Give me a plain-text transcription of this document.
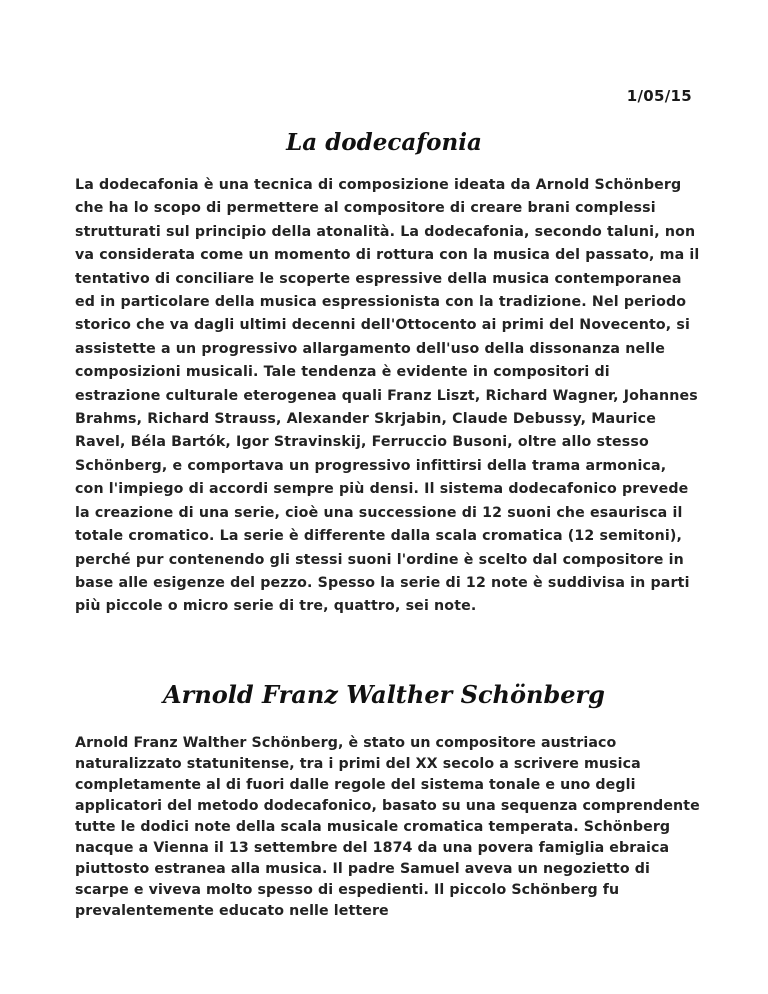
1/05/15
La dodecafonia

La dodecafonia è una tecnica di composizione ideata da Arnold Schönberg che ha lo scopo di permettere al compositore di creare brani complessi strutturati sul principio della atonalità. La dodecafonia, secondo taluni, non va considerata come un momento di rottura con la musica del passato, ma il tentativo di conciliare le scoperte espressive della musica contemporanea ed in particolare della musica espressionista con la tradizione. Nel periodo storico che va dagli ultimi decenni dell'Ottocento ai primi del Novecento, si assistette a un progressivo allargamento dell'uso della dissonanza nelle composizioni musicali. Tale tendenza è evidente in compositori di estrazione culturale eterogenea quali Franz Liszt, Richard Wagner, Johannes Brahms, Richard Strauss, Alexander Skrjabin, Claude Debussy, Maurice Ravel, Béla Bartók, Igor Stravinskij, Ferruccio Busoni, oltre allo stesso Schönberg, e comportava un progressivo infittirsi della trama armonica, con l'impiego di accordi sempre più densi. Il sistema dodecafonico prevede la creazione di una serie, cioè una successione di 12 suoni che esaurisca il totale cromatico. La serie è differente dalla scala cromatica (12 semitoni), perché pur contenendo gli stessi suoni l'ordine è scelto dal compositore in base alle esigenze del pezzo. Spesso la serie di 12 note è suddivisa in parti più piccole o micro serie di tre, quattro, sei note.

Arnold Franz Walther Schönberg

Arnold Franz Walther Schönberg, è stato un compositore austriaco naturalizzato statunitense, tra i primi del XX secolo a scrivere musica completamente al di fuori dalle regole del sistema tonale e uno degli applicatori del metodo dodecafonico, basato su una sequenza comprendente tutte le dodici note della scala musicale cromatica temperata. Schönberg nacque a Vienna il 13 settembre del 1874 da una povera famiglia ebraica piuttosto estranea alla musica. Il padre Samuel aveva un negozietto di scarpe e viveva molto spesso di espedienti. Il piccolo Schönberg fu prevalentemente educato nelle lettere
